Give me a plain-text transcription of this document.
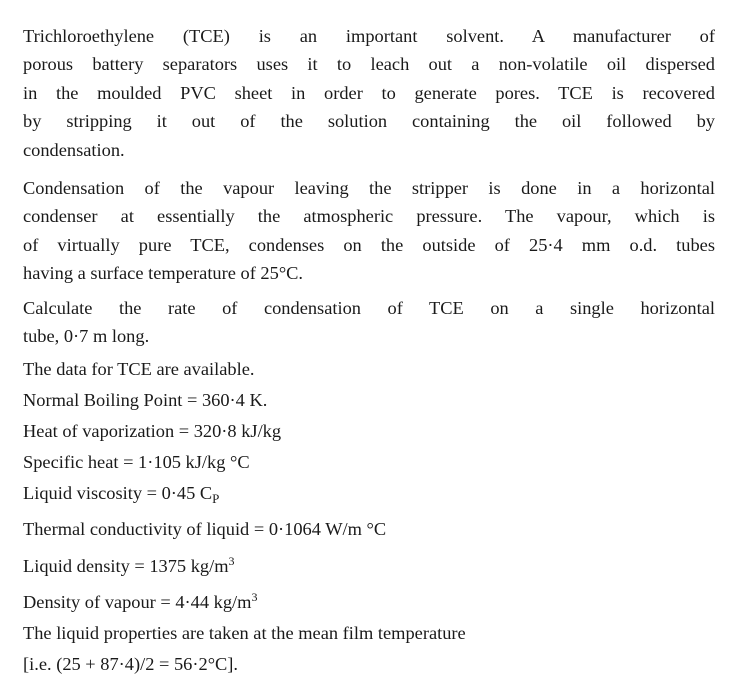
Trichloroethylene (TCE) is an important solvent. A manufacturer of
porous battery separators uses it to leach out a non-volatile oil dispersed
in the moulded PVC sheet in order to generate pores. TCE is recovered
by stripping it out of the solution containing the oil followed by
condensation.

Condensation of the vapour leaving the stripper is done in a horizontal
condenser at essentially the atmospheric pressure. The vapour, which is
of virtually pure TCE, condenses on the outside of 25·4 mm o.d. tubes
having a surface temperature of 25°C.

Calculate the rate of condensation of TCE on a single horizontal
tube, 0·7 m long.

The data for TCE are available.
Normal Boiling Point = 360·4 K.
Heat of vaporization = 320·8 kJ/kg
Specific heat = 1·105 kJ/kg °C
Liquid viscosity = 0·45 $C_P$
Thermal conductivity of liquid = 0·1064 W/m °C
Liquid density = 1375 $kg/m^3$
Density of vapour = 4·44 $kg/m^3$
The liquid properties are taken at the mean film temperature
[i.e. (25 + 87·4)/2 = 56·2°C].
